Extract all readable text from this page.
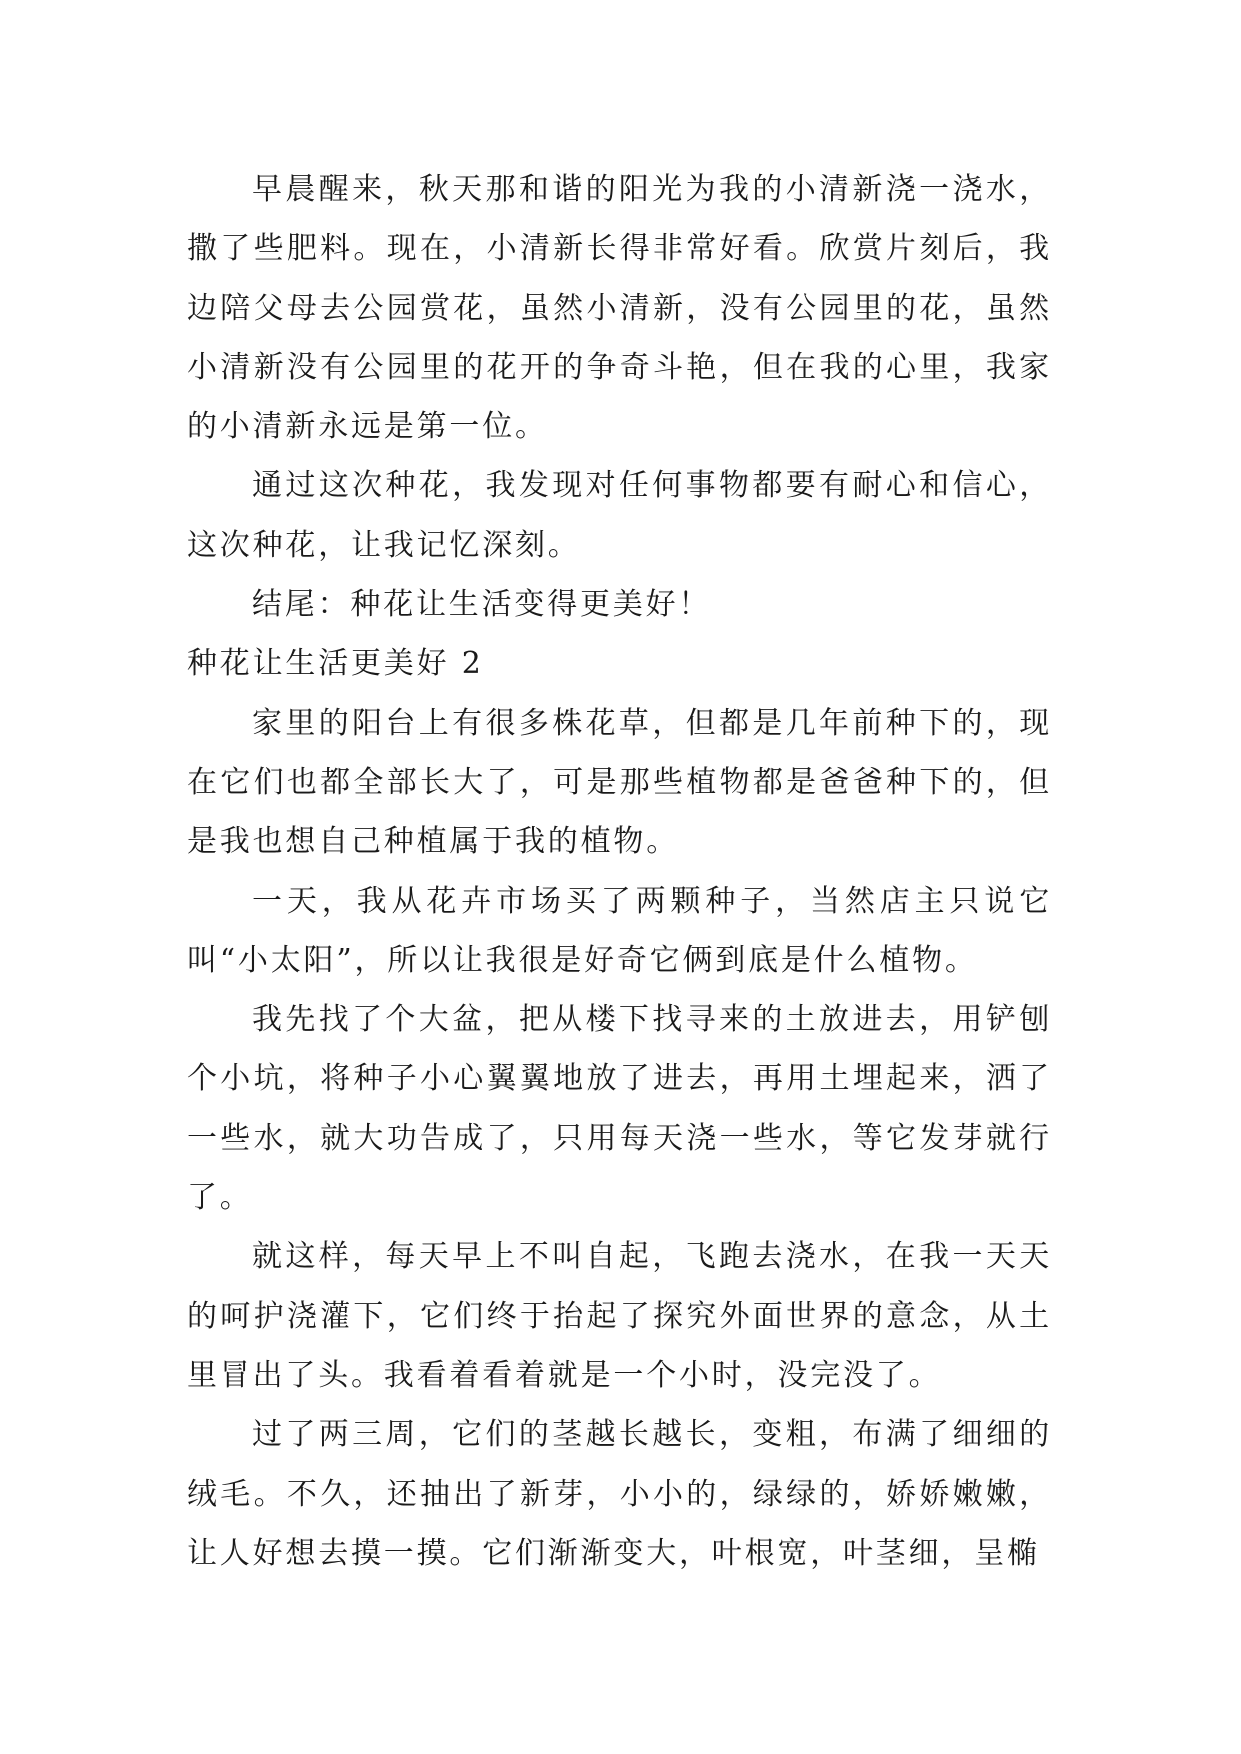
早晨醒来，秋天那和谐的阳光为我的小清新浇一浇水，撒了些肥料。现在，小清新长得非常好看。欣赏片刻后，我边陪父母去公园赏花，虽然小清新，没有公园里的花，虽然小清新没有公园里的花开的争奇斗艳，但在我的心里，我家的小清新永远是第一位。

通过这次种花，我发现对任何事物都要有耐心和信心，这次种花，让我记忆深刻。

结尾：种花让生活变得更美好！

种花让生活更美好 2

家里的阳台上有很多株花草，但都是几年前种下的，现在它们也都全部长大了，可是那些植物都是爸爸种下的，但是我也想自己种植属于我的植物。

一天，我从花卉市场买了两颗种子，当然店主只说它叫“小太阳”，所以让我很是好奇它俩到底是什么植物。

我先找了个大盆，把从楼下找寻来的土放进去，用铲刨个小坑，将种子小心翼翼地放了进去，再用土埋起来，洒了一些水，就大功告成了，只用每天浇一些水，等它发芽就行了。

就这样，每天早上不叫自起，飞跑去浇水，在我一天天的呵护浇灌下，它们终于抬起了探究外面世界的意念，从土里冒出了头。我看着看着就是一个小时，没完没了。

过了两三周，它们的茎越长越长，变粗，布满了细细的绒毛。不久，还抽出了新芽，小小的，绿绿的，娇娇嫩嫩，让人好想去摸一摸。它们渐渐变大，叶根宽，叶茎细，呈椭
